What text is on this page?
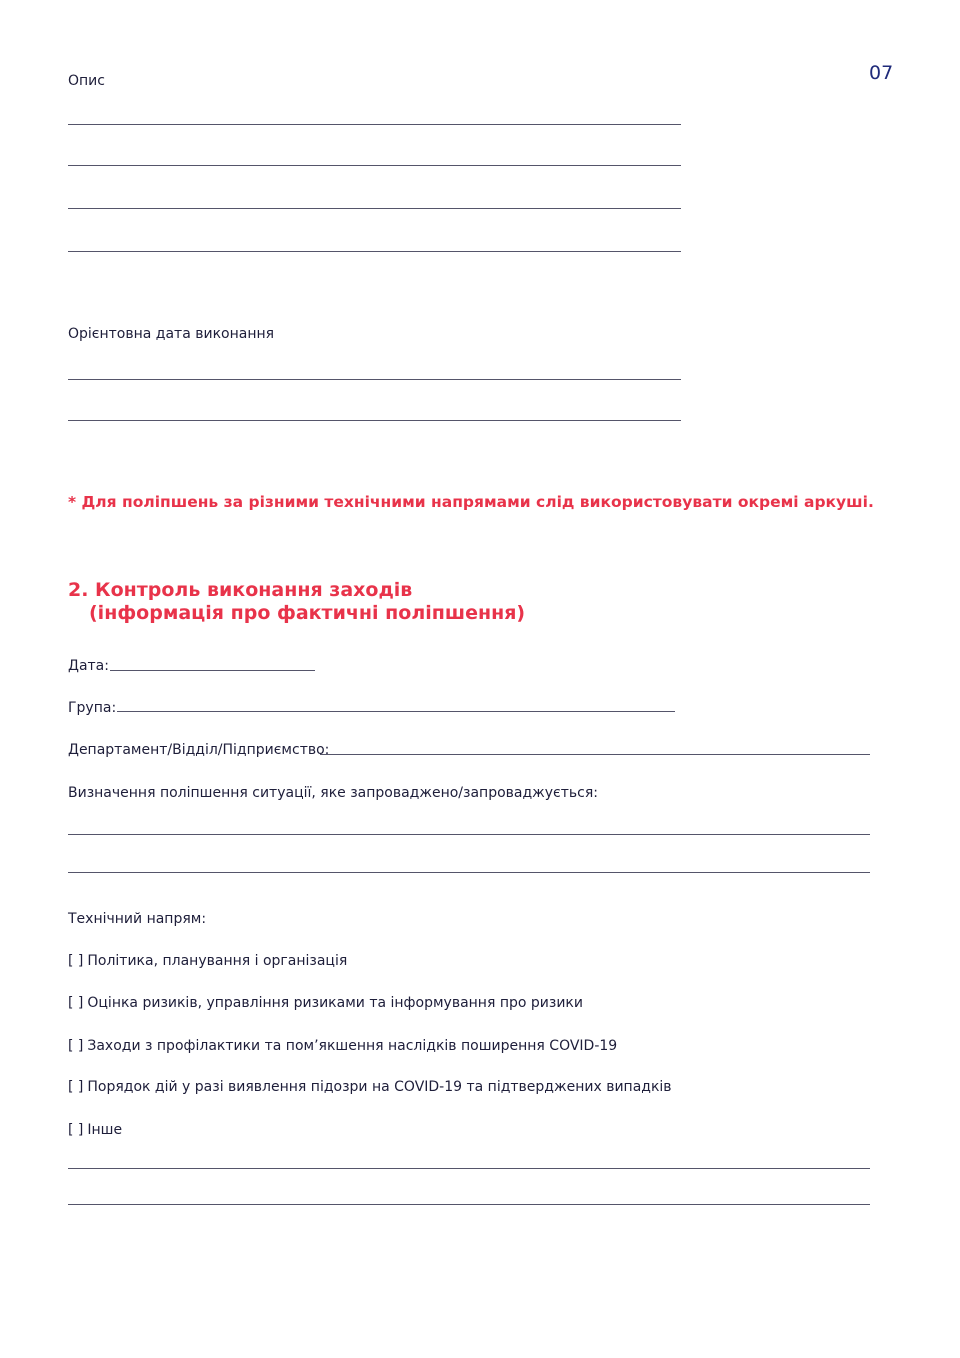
07
Опис
Орієнтовна дата виконання
* Для поліпшень за різними технічними напрямами слід використовувати окремі аркуші.
2. Контроль виконання заходів
(інформація про фактичні поліпшення)
Дата:
Група:
Департамент/Відділ/Підприємство:
Визначення поліпшення ситуації, яке запроваджено/запроваджується:
Технічний напрям:
[ ] Політика, планування і організація
[ ] Оцінка ризиків, управління ризиками та інформування про ризики
[ ] Заходи з профілактики та пом’якшення наслідків поширення COVID-19
[ ] Порядок дій у разі виявлення підозри на COVID-19 та підтверджених випадків
[ ] Інше
